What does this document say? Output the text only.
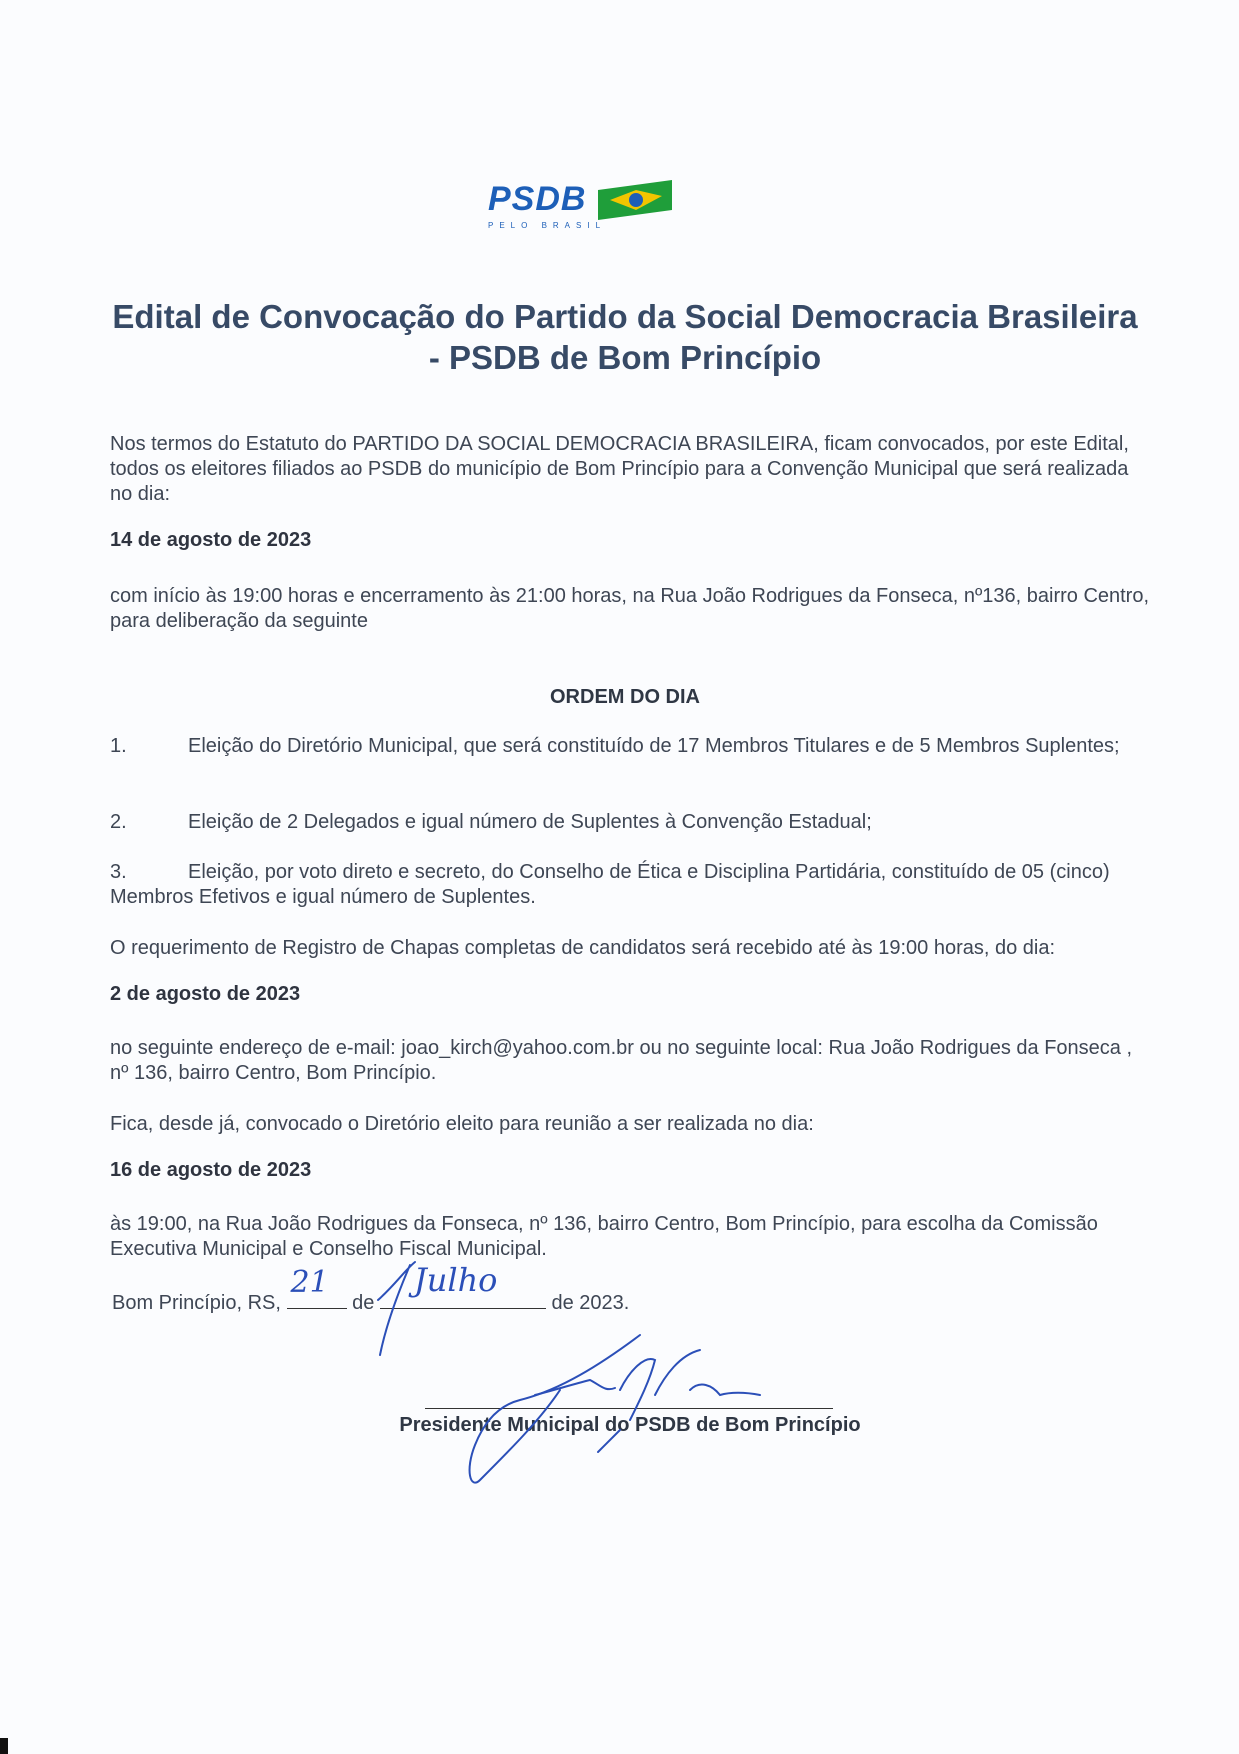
PSDB
PELO BRASIL
Edital de Convocação do Partido da Social Democracia Brasileira - PSDB de Bom Princípio
Nos termos do Estatuto do PARTIDO DA SOCIAL DEMOCRACIA BRASILEIRA, ficam convocados, por este Edital, todos os eleitores filiados ao PSDB do município de Bom Princípio para a Convenção Municipal que será realizada no dia:
14 de agosto de 2023
com início às 19:00 horas e encerramento às 21:00 horas, na Rua João Rodrigues da Fonseca, nº136, bairro Centro, para deliberação da seguinte
ORDEM DO DIA
1.	Eleição do Diretório Municipal, que será constituído de 17 Membros Titulares e de 5 Membros Suplentes;
2.	Eleição de 2 Delegados e igual número de Suplentes à Convenção Estadual;
3.	Eleição, por voto direto e secreto, do Conselho de Ética e Disciplina Partidária, constituído de 05 (cinco) Membros Efetivos e igual número de Suplentes.
O requerimento de Registro de Chapas completas de candidatos será recebido até às 19:00 horas, do dia:
2 de agosto de 2023
no seguinte endereço de e-mail: joao_kirch@yahoo.com.br ou no seguinte local: Rua João Rodrigues da Fonseca , nº 136, bairro Centro, Bom Princípio.
Fica, desde já, convocado o Diretório eleito para reunião a ser realizada no dia:
16 de agosto de 2023
às 19:00, na Rua João Rodrigues da Fonseca, nº 136, bairro Centro, Bom Princípio, para escolha da Comissão Executiva Municipal e Conselho Fiscal Municipal.
Bom Princípio, RS,
21
de
Julho
de 2023.
Presidente Municipal do PSDB de Bom Princípio
